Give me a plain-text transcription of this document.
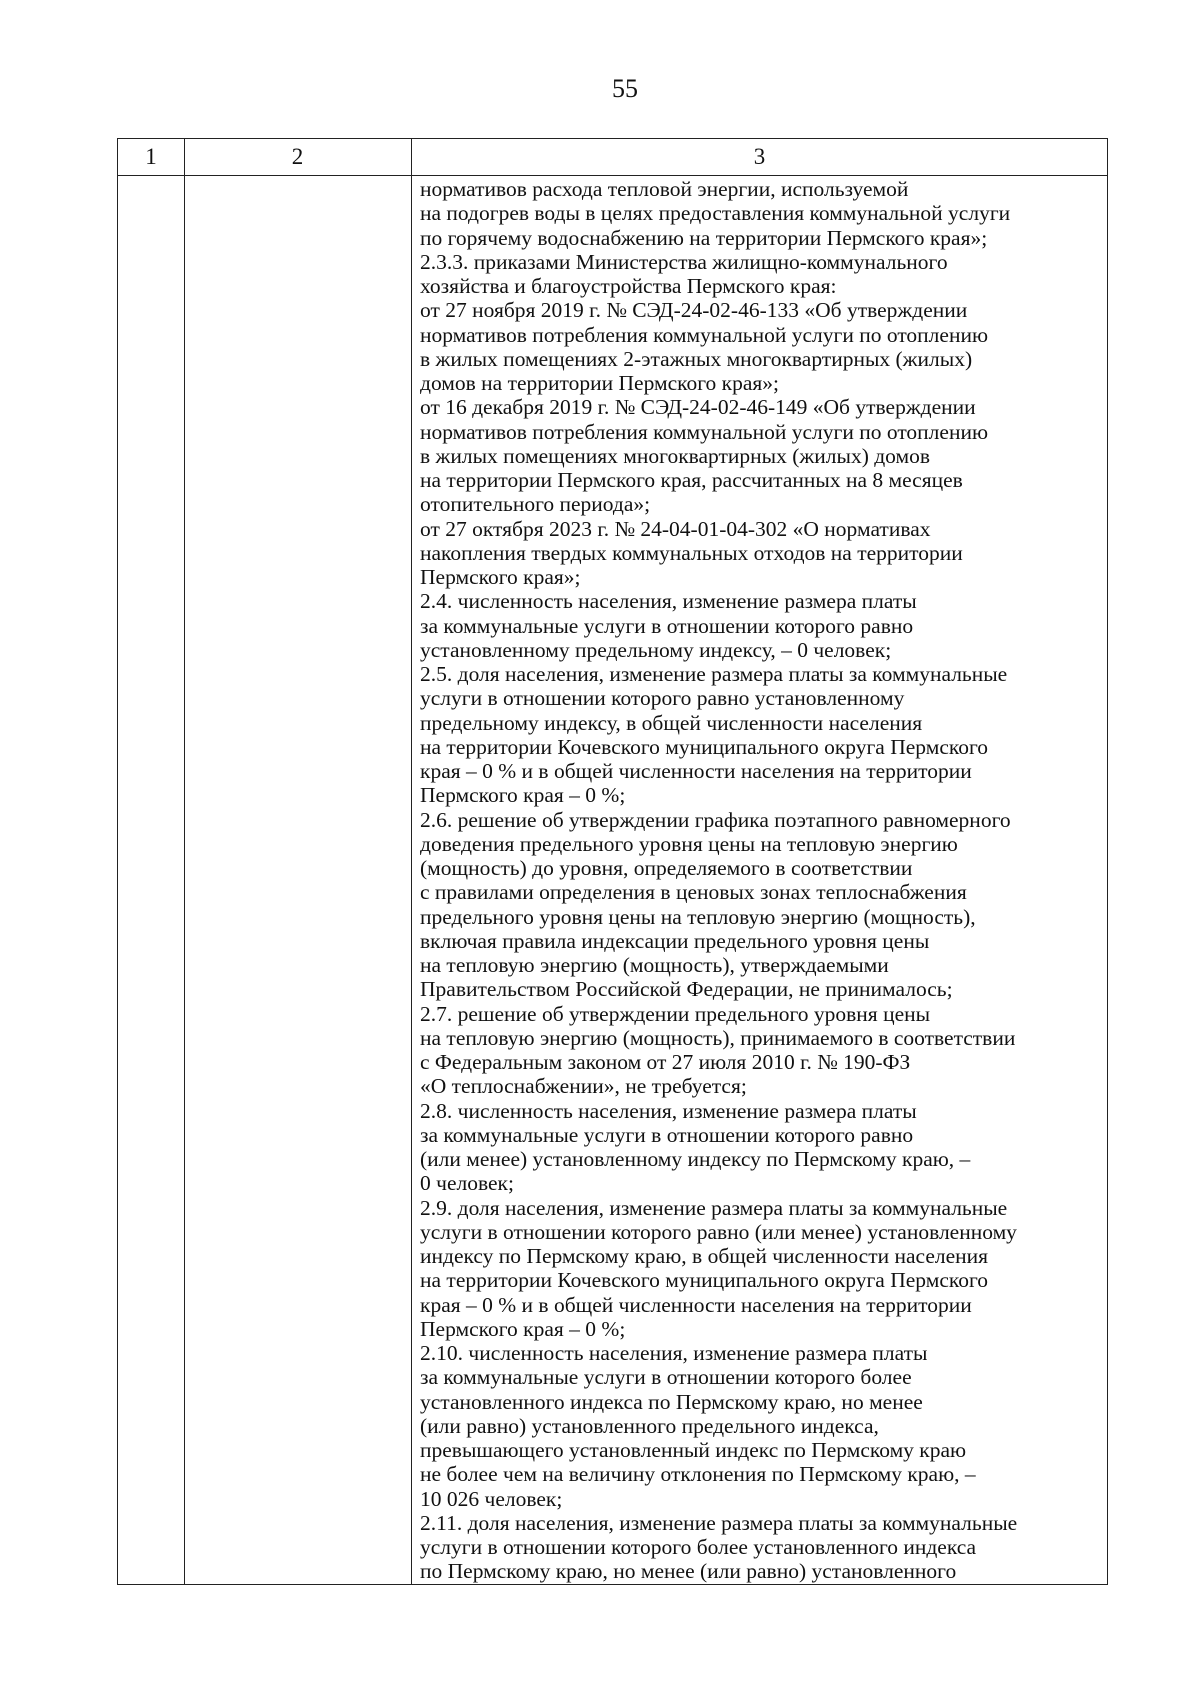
55
1	2	3
нормативов расхода тепловой энергии, используемой
на подогрев воды в целях предоставления коммунальной услуги
по горячему водоснабжению на территории Пермского края»;
2.3.3. приказами Министерства жилищно-коммунального
хозяйства и благоустройства Пермского края:
от 27 ноября 2019 г. № СЭД-24-02-46-133 «Об утверждении
нормативов потребления коммунальной услуги по отоплению
в жилых помещениях 2-этажных многоквартирных (жилых)
домов на территории Пермского края»;
от 16 декабря 2019 г. № СЭД-24-02-46-149 «Об утверждении
нормативов потребления коммунальной услуги по отоплению
в жилых помещениях многоквартирных (жилых) домов
на территории Пермского края, рассчитанных на 8 месяцев
отопительного периода»;
от 27 октября 2023 г. № 24-04-01-04-302 «О нормативах
накопления твердых коммунальных отходов на территории
Пермского края»;
2.4. численность населения, изменение размера платы
за коммунальные услуги в отношении которого равно
установленному предельному индексу, – 0 человек;
2.5. доля населения, изменение размера платы за коммунальные
услуги в отношении которого равно установленному
предельному индексу, в общей численности населения
на территории Кочевского муниципального округа Пермского
края – 0 % и в общей численности населения на территории
Пермского края – 0 %;
2.6. решение об утверждении графика поэтапного равномерного
доведения предельного уровня цены на тепловую энергию
(мощность) до уровня, определяемого в соответствии
с правилами определения в ценовых зонах теплоснабжения
предельного уровня цены на тепловую энергию (мощность),
включая правила индексации предельного уровня цены
на тепловую энергию (мощность), утверждаемыми
Правительством Российской Федерации, не принималось;
2.7. решение об утверждении предельного уровня цены
на тепловую энергию (мощность), принимаемого в соответствии
с Федеральным законом от 27 июля 2010 г. № 190-ФЗ
«О теплоснабжении», не требуется;
2.8. численность населения, изменение размера платы
за коммунальные услуги в отношении которого равно
(или менее) установленному индексу по Пермскому краю, –
0 человек;
2.9. доля населения, изменение размера платы за коммунальные
услуги в отношении которого равно (или менее) установленному
индексу по Пермскому краю, в общей численности населения
на территории Кочевского муниципального округа Пермского
края – 0 % и в общей численности населения на территории
Пермского края – 0 %;
2.10. численность населения, изменение размера платы
за коммунальные услуги в отношении которого более
установленного индекса по Пермскому краю, но менее
(или равно) установленного предельного индекса,
превышающего установленный индекс по Пермскому краю
не более чем на величину отклонения по Пермскому краю, –
10 026 человек;
2.11. доля населения, изменение размера платы за коммунальные
услуги в отношении которого более установленного индекса
по Пермскому краю, но менее (или равно) установленного
